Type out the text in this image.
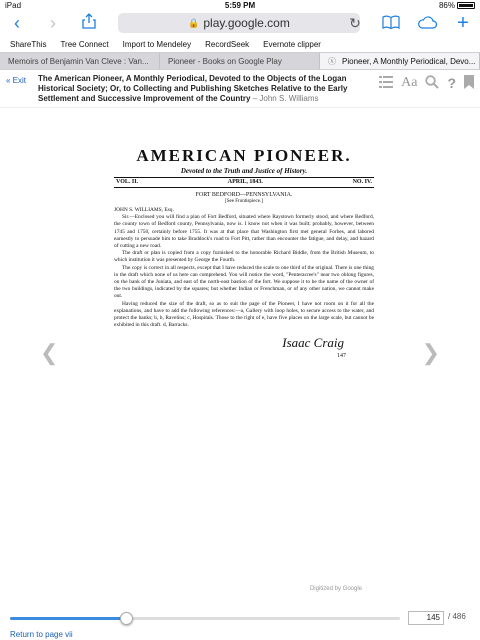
iPad	5:59 PM	86%
‹	›	🔒 play.google.com	↻	+
ShareThis Tree Connect Import to Mendeley RecordSeek Evernote clipper
Memoirs of Benjamin Van Cleve : Van... Pioneer - Books on Google Play	ⓧ Pioneer, A Monthly Periodical, Devo...
« Exit	The American Pioneer, A Monthly Periodical, Devoted to the Objects of the Logan Historical Society; Or, to Collecting and Publishing Sketches Relative to the Early Settlement and Successive Improvement of the Country – John S. Williams
Aa ?
❮	❯
AMERICAN PIONEER.
Devoted to the Truth and Justice of History.
VOL. II.	APRIL, 1843.	NO. IV.
FORT BEDFORD—PENNSYLVANIA.
[See Frontispiece.]

JOHN S. WILLIAMS, Esq.

Sir.—Enclosed you will find a plan of Fort Bedford, situated where Raystown formerly stood, and where Bedford, the county town of Bedford county, Pennsylvania, now is. I know not when it was built; probably, however, between 1745 and 1750, certainly before 1755. It was at that place that Washington first met general Forbes, and labored earnestly to persuade him to take Braddock's road to Fort Pitt, rather than encounter the fatigue, and delay, and hazard of cutting a new road.

The draft or plan is copied from a copy furnished to the honorable Richard Biddle, from the British Museum, to which institution it was presented by George the Fourth.

The copy is correct in all respects, except that I have reduced the scale to one third of the original. There is one thing in the draft which none of us here can comprehend. You will notice the word, "Penteracree's" near two oblong figures, on the bank of the Juniata, and east of the north-east bastion of the fort. We suppose it to be the name of the owner of the two buildings, indicated by the squares; but whether Indian or Frenchman, or of any other nation, we cannot make out.

Having reduced the size of the draft, so as to suit the page of the Pioneer, I have not room on it for all the explanations, and have to add the following references:—a, Gallery with loop holes, to secure access to the water, and protect the banks; b, b, Ravelins; c, Hospitals. Those to the right of e, have five places on the large scale, but cannot be exhibited in this draft. d, Barracks.

Isaac Craig
147
Digitized by Google
145	/ 486
Return to page vii
